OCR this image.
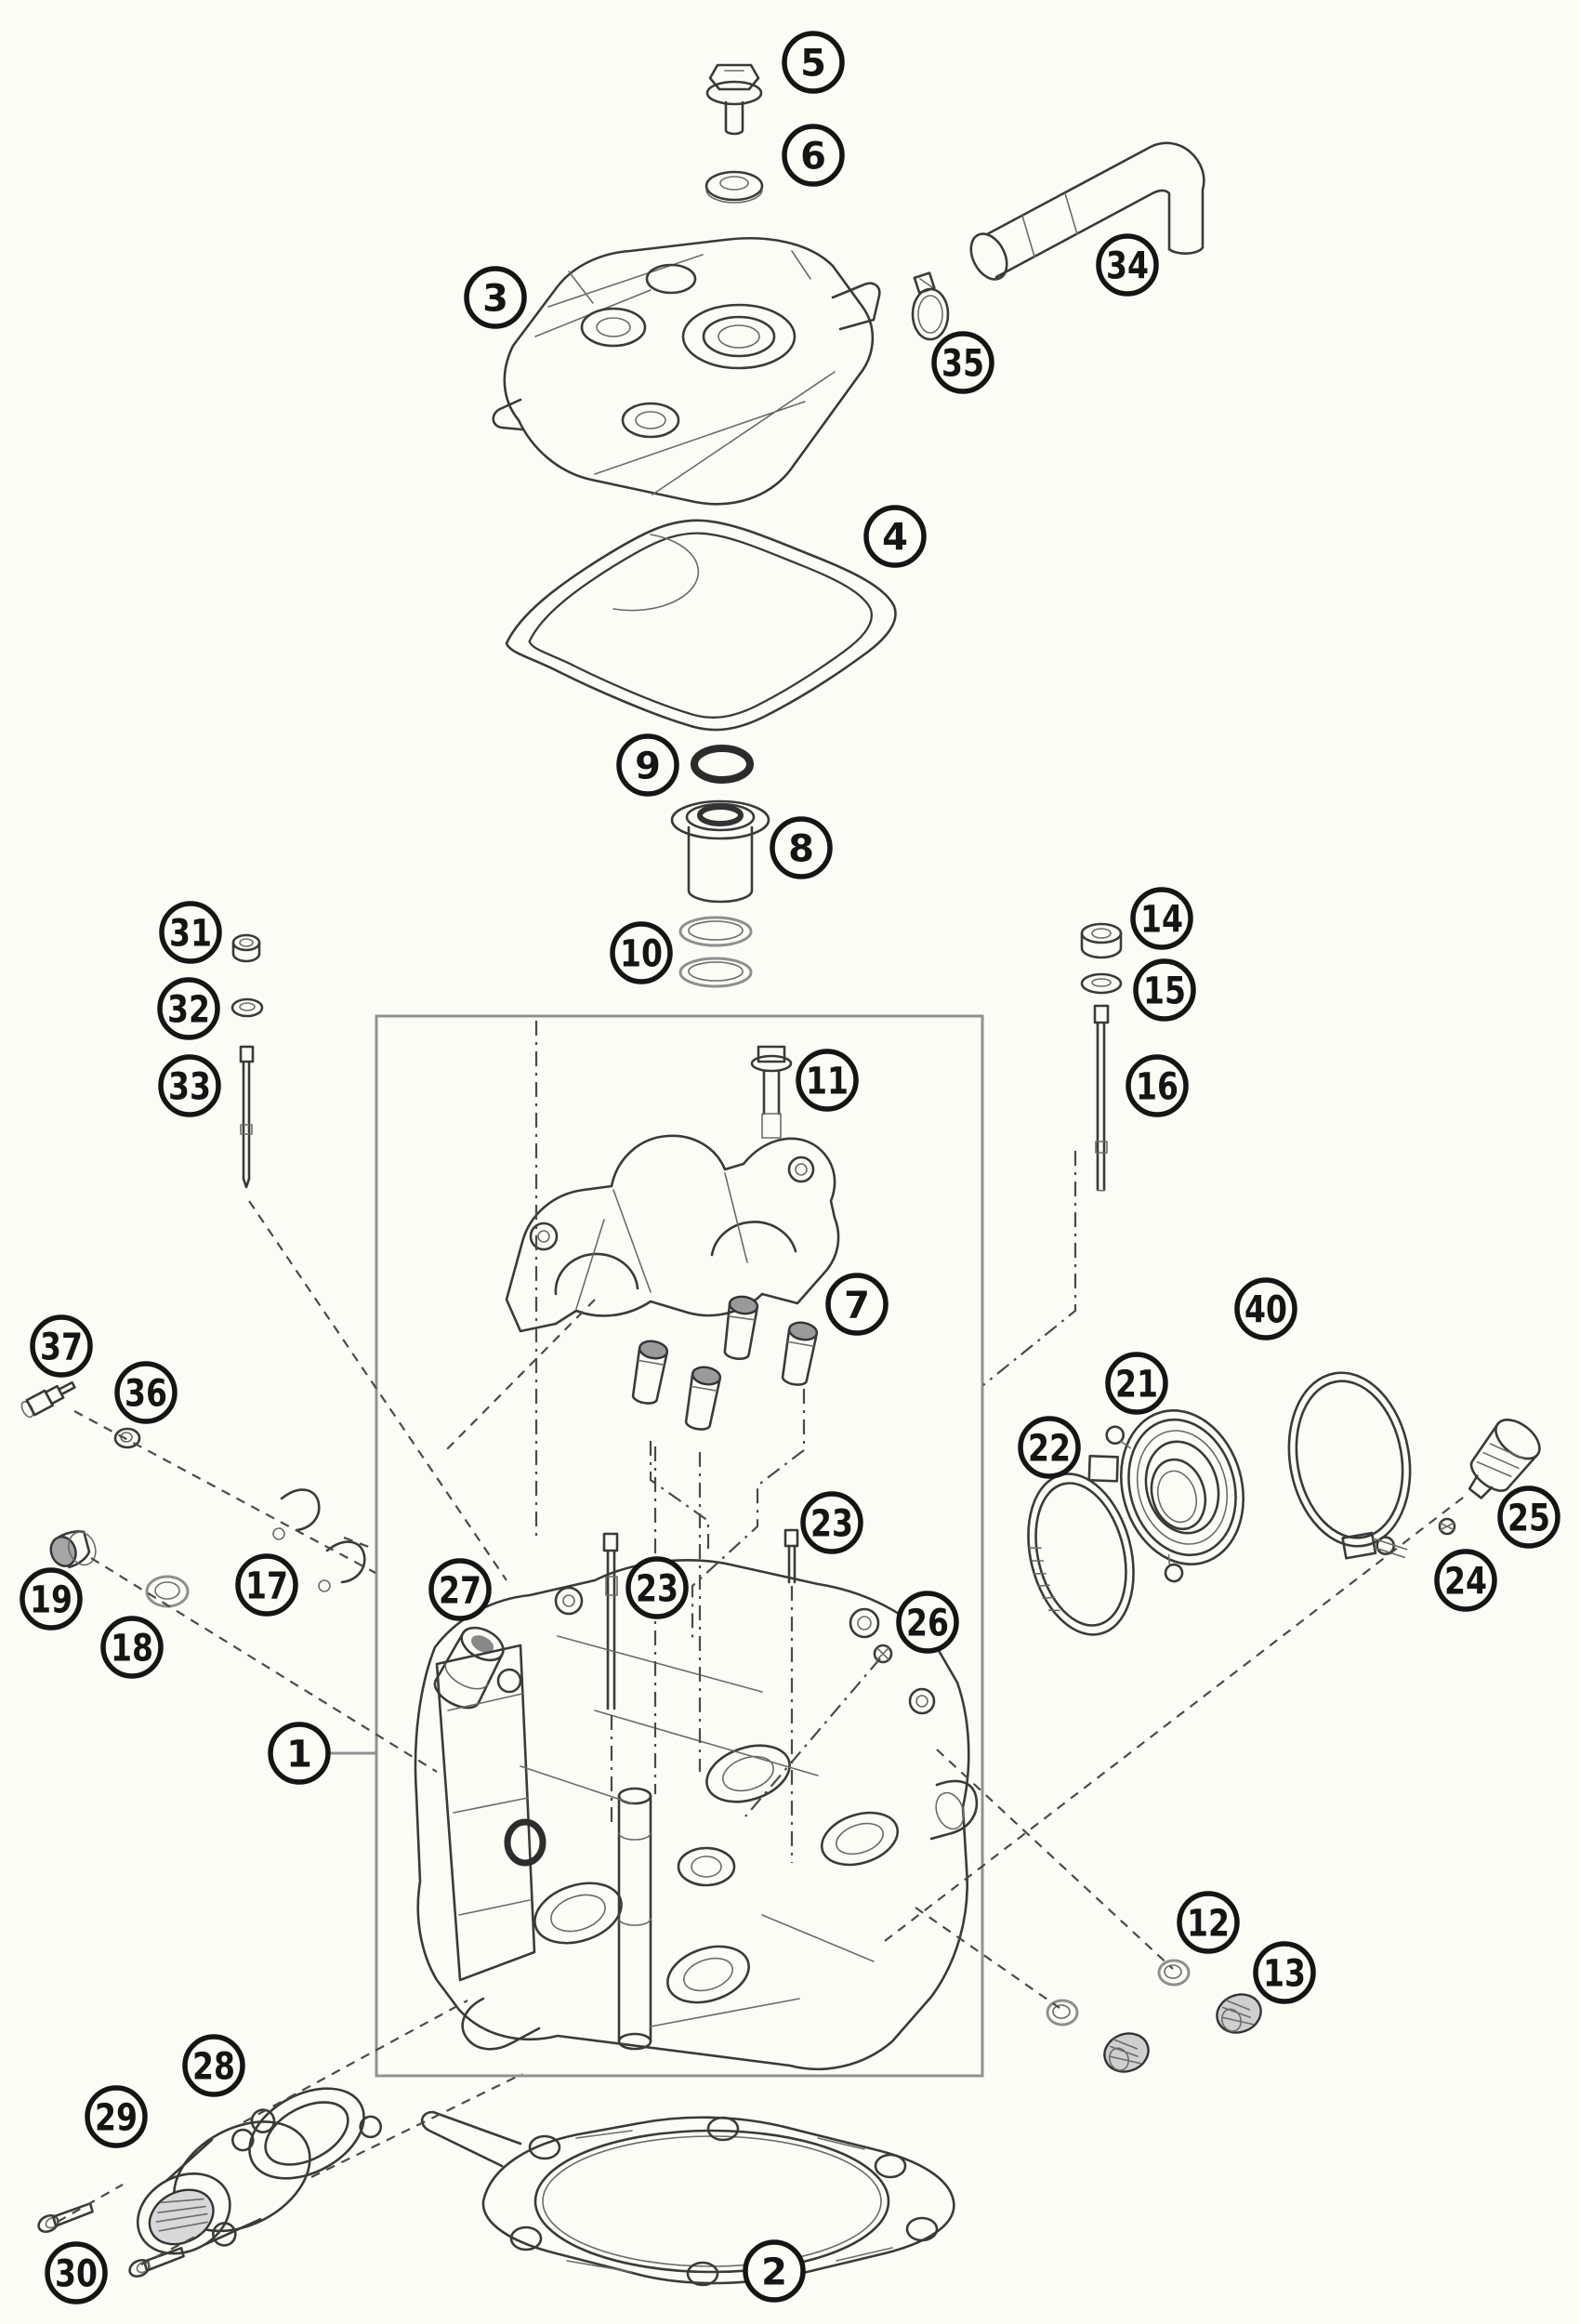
5
6
3
34
35
4
9
8
10
31
32
33
14
15
16
11
7	40
21
22
37
36
19
18
17	27	23
23
26
25
24
1
12
13
28
29
30	2
